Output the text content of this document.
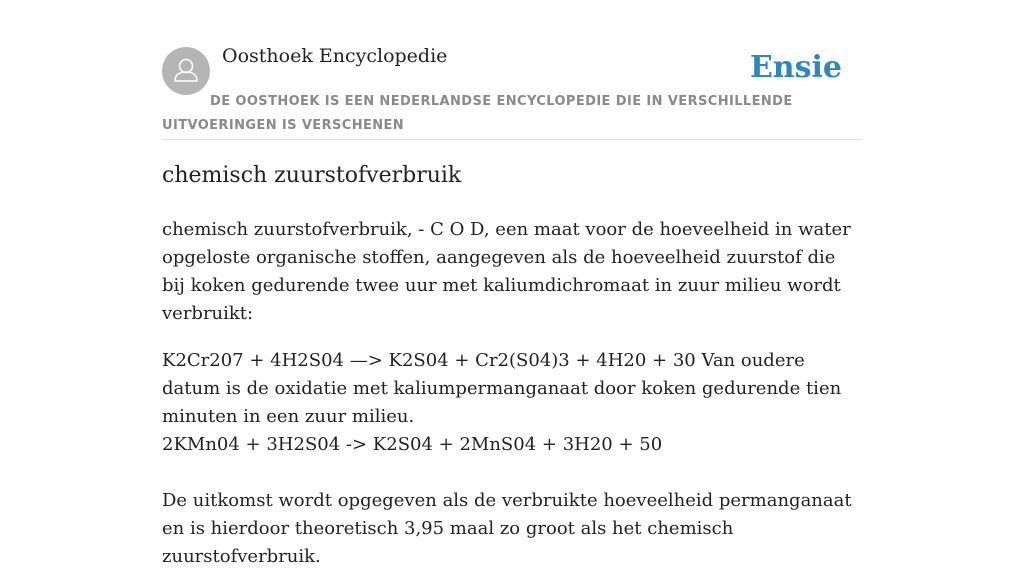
Oosthoek Encyclopedie	Ensie

DE OOSTHOEK IS EEN NEDERLANDSE ENCYCLOPEDIE DIE IN VERSCHILLENDE UITVOERINGEN IS VERSCHENEN

chemisch zuurstofverbruik

chemisch zuurstofverbruik, - C O D, een maat voor de hoeveelheid in water opgeloste organische stoffen, aangegeven als de hoeveelheid zuurstof die bij koken gedurende twee uur met kaliumdichromaat in zuur milieu wordt verbruikt:

K2Cr207 + 4H2S04 —> K2S04 + Cr2(S04)3 + 4H20 + 30 Van oudere datum is de oxidatie met kaliumpermanganaat door koken gedurende tien minuten in een zuur milieu.

2KMn04 + 3H2S04 -> K2S04 + 2MnS04 + 3H20 + 50

De uitkomst wordt opgegeven als de verbruikte hoeveelheid permanganaat en is hierdoor theoretisch 3,95 maal zo groot als het chemisch zuurstofverbruik.
